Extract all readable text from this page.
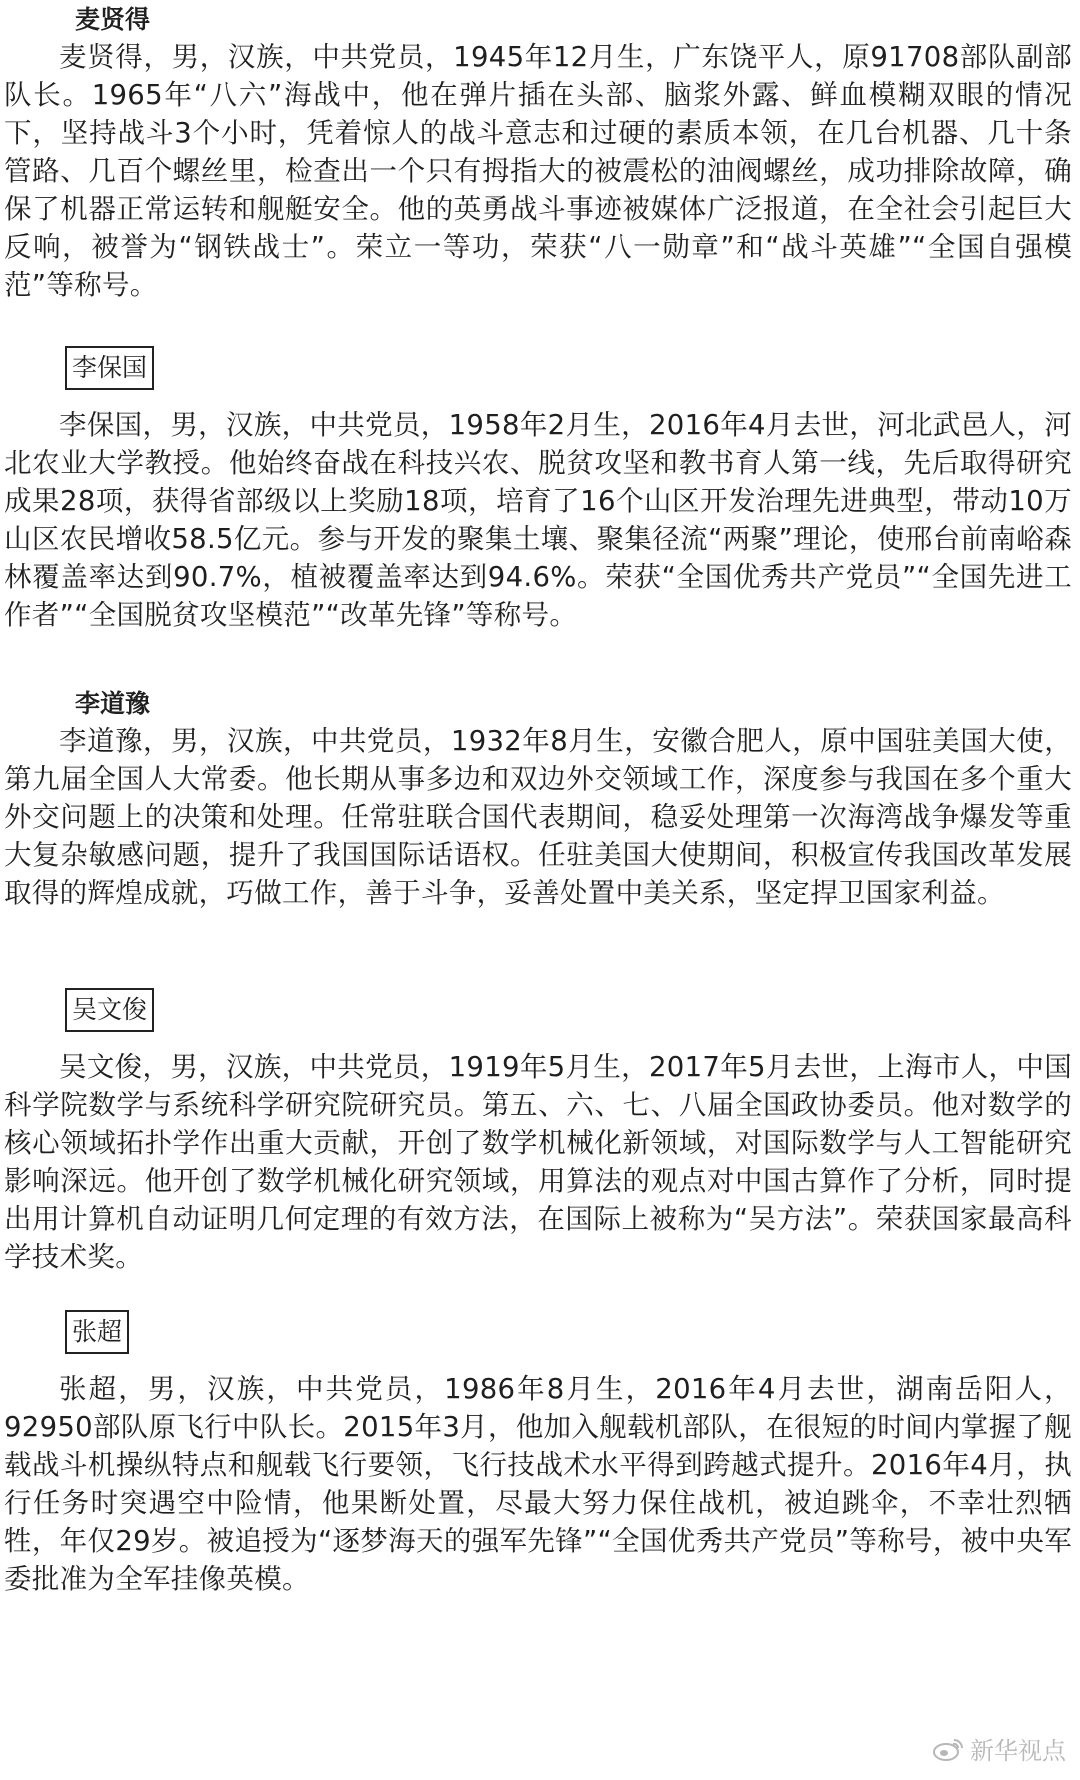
麦贤得

麦贤得，男，汉族，中共党员，1945年12月生，广东饶平人，原91708部队副部队长。1965年“八六”海战中，他在弹片插在头部、脑浆外露、鲜血模糊双眼的情况下，坚持战斗3个小时，凭着惊人的战斗意志和过硬的素质本领，在几台机器、几十条管路、几百个螺丝里，检查出一个只有拇指大的被震松的油阀螺丝，成功排除故障，确保了机器正常运转和舰艇安全。他的英勇战斗事迹被媒体广泛报道，在全社会引起巨大反响，被誉为“钢铁战士”。荣立一等功，荣获“八一勋章”和“战斗英雄”“全国自强模范”等称号。

李保国

李保国，男，汉族，中共党员，1958年2月生，2016年4月去世，河北武邑人，河北农业大学教授。他始终奋战在科技兴农、脱贫攻坚和教书育人第一线，先后取得研究成果28项，获得省部级以上奖励18项，培育了16个山区开发治理先进典型，带动10万山区农民增收58.5亿元。参与开发的聚集土壤、聚集径流“两聚”理论，使邢台前南峪森林覆盖率达到90.7%，植被覆盖率达到94.6%。荣获“全国优秀共产党员”“全国先进工作者”“全国脱贫攻坚模范”“改革先锋”等称号。

李道豫

李道豫，男，汉族，中共党员，1932年8月生，安徽合肥人，原中国驻美国大使，第九届全国人大常委。他长期从事多边和双边外交领域工作，深度参与我国在多个重大外交问题上的决策和处理。任常驻联合国代表期间，稳妥处理第一次海湾战争爆发等重大复杂敏感问题，提升了我国国际话语权。任驻美国大使期间，积极宣传我国改革发展取得的辉煌成就，巧做工作，善于斗争，妥善处置中美关系，坚定捍卫国家利益。

吴文俊

吴文俊，男，汉族，中共党员，1919年5月生，2017年5月去世，上海市人，中国科学院数学与系统科学研究院研究员。第五、六、七、八届全国政协委员。他对数学的核心领域拓扑学作出重大贡献，开创了数学机械化新领域，对国际数学与人工智能研究影响深远。他开创了数学机械化研究领域，用算法的观点对中国古算作了分析，同时提出用计算机自动证明几何定理的有效方法，在国际上被称为“吴方法”。荣获国家最高科学技术奖。

张超

张超，男，汉族，中共党员，1986年8月生，2016年4月去世，湖南岳阳人，92950部队原飞行中队长。2015年3月，他加入舰载机部队，在很短的时间内掌握了舰载战斗机操纵特点和舰载飞行要领，飞行技战术水平得到跨越式提升。2016年4月，执行任务时突遇空中险情，他果断处置，尽最大努力保住战机，被迫跳伞，不幸壮烈牺牲，年仅29岁。被追授为“逐梦海天的强军先锋”“全国优秀共产党员”等称号，被中央军委批准为全军挂像英模。

新华视点
